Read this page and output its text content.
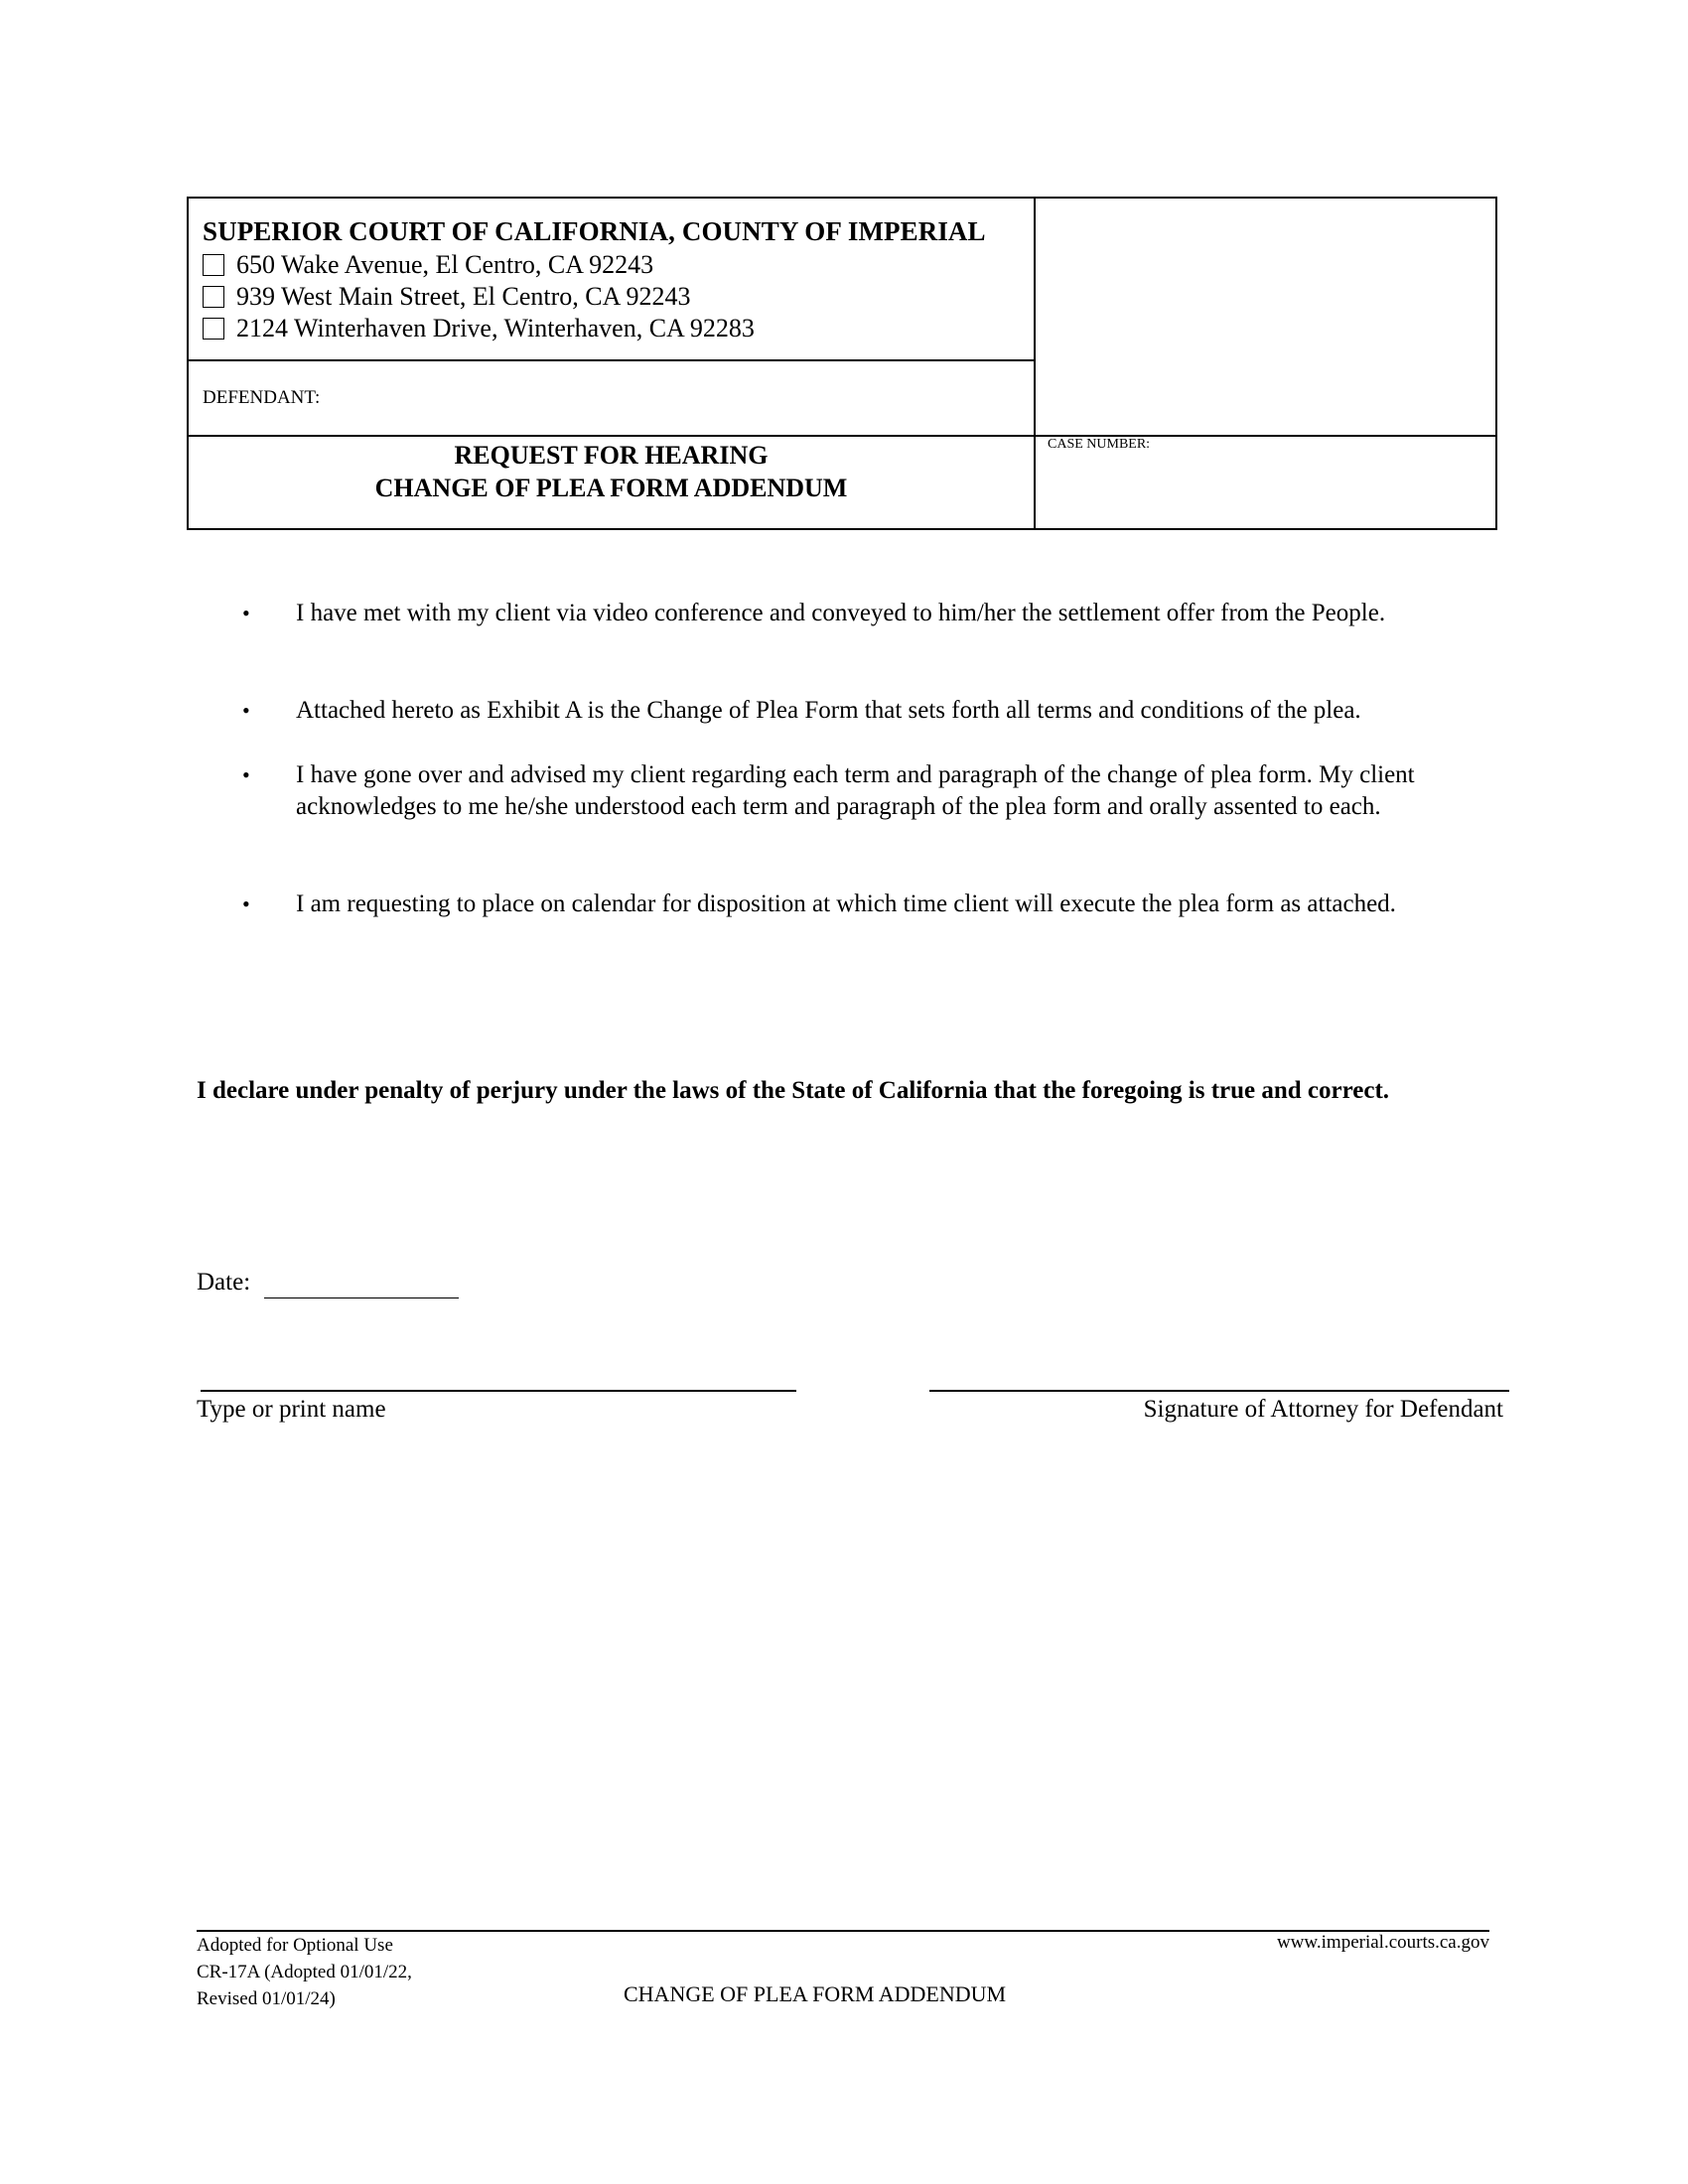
SUPERIOR COURT OF CALIFORNIA, COUNTY OF IMPERIAL
650 Wake Avenue, El Centro, CA 92243
939 West Main Street, El Centro, CA 92243
2124 Winterhaven Drive, Winterhaven, CA 92283
DEFENDANT:
REQUEST FOR HEARING
CHANGE OF PLEA FORM ADDENDUM
CASE NUMBER:
• I have met with my client via video conference and conveyed to him/her the settlement offer from the People.
• Attached hereto as Exhibit A is the Change of Plea Form that sets forth all terms and conditions of the plea.
• I have gone over and advised my client regarding each term and paragraph of the change of plea form. My client acknowledges to me he/she understood each term and paragraph of the plea form and orally assented to each.
• I am requesting to place on calendar for disposition at which time client will execute the plea form as attached.
I declare under penalty of perjury under the laws of the State of California that the foregoing is true and correct.
Date:
Type or print name	Signature of Attorney for Defendant
Adopted for Optional Use
CR-17A (Adopted 01/01/22,
Revised 01/01/24)
www.imperial.courts.ca.gov
CHANGE OF PLEA FORM ADDENDUM
